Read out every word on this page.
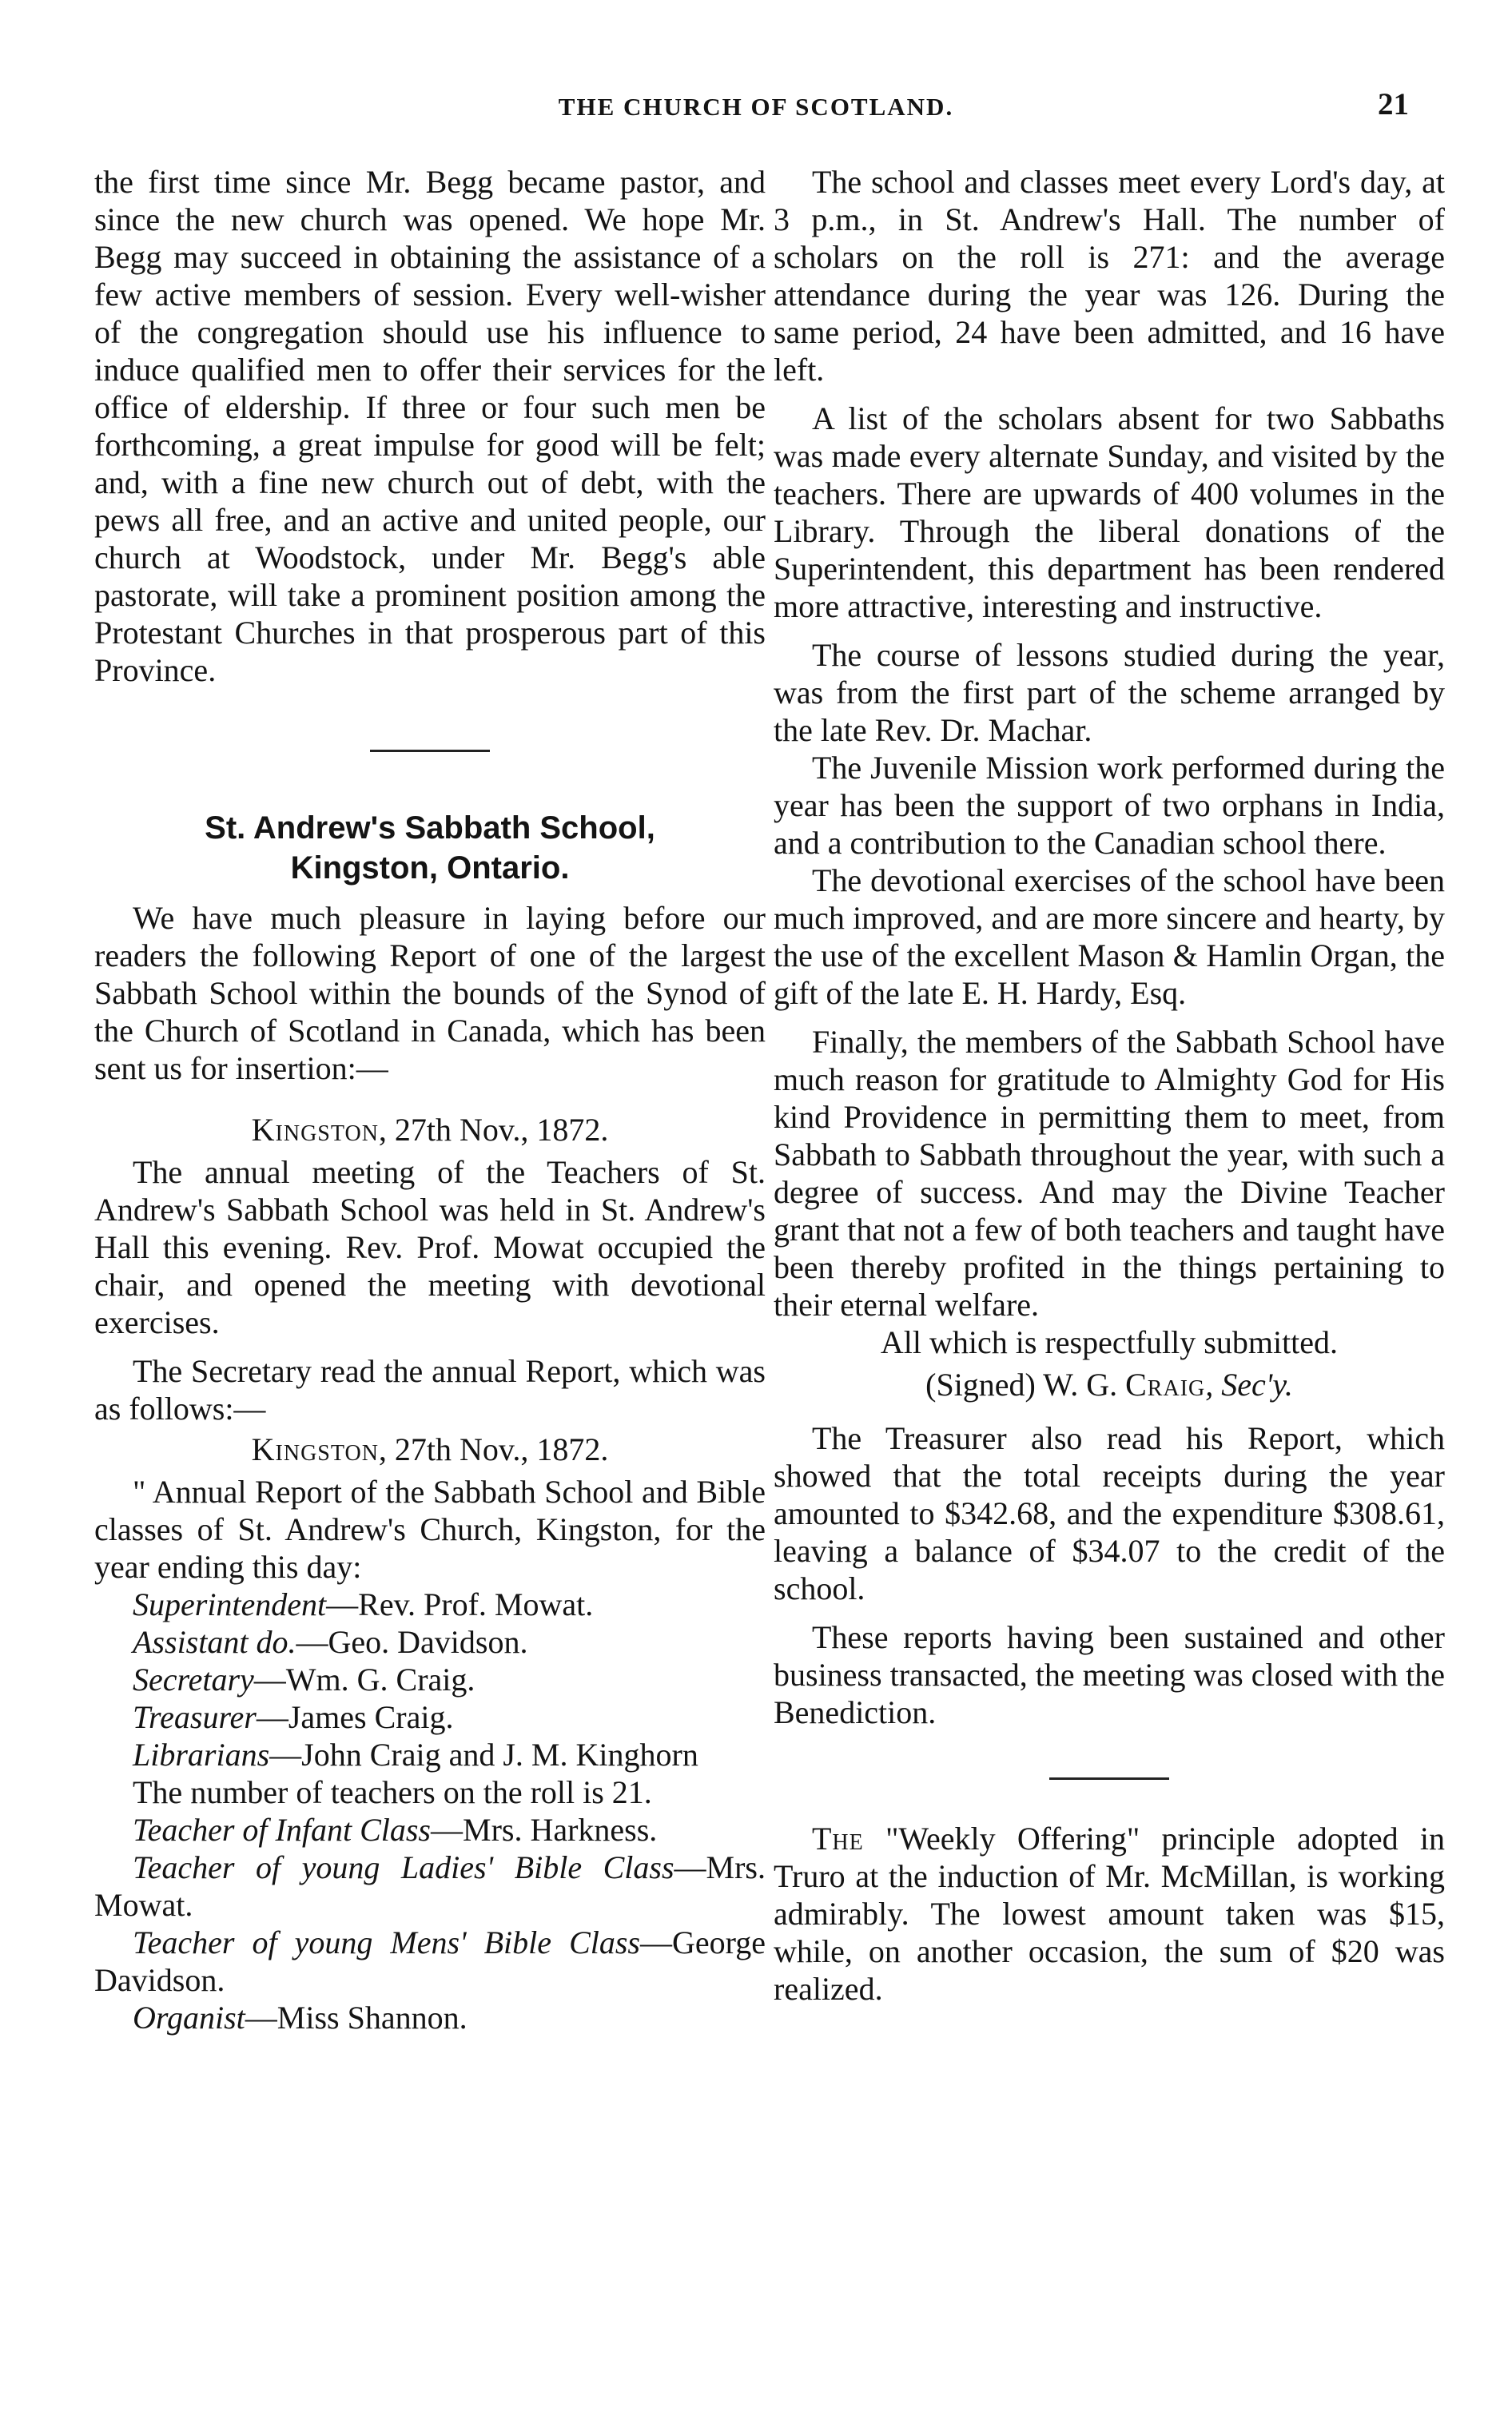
THE CHURCH OF SCOTLAND.	21

the first time since Mr. Begg became pastor, and since the new church was opened. We hope Mr. Begg may succeed in obtaining the assistance of a few active members of session. Every well-wisher of the congregation should use his influence to induce qualified men to offer their services for the office of eldership. If three or four such men be forthcoming, a great impulse for good will be felt; and, with a fine new church out of debt, with the pews all free, and an active and united people, our church at Woodstock, under Mr. Begg's able pastorate, will take a prominent position among the Protestant Churches in that prosperous part of this Province.

St. Andrew's Sabbath School,
Kingston, Ontario.

We have much pleasure in laying before our readers the following Report of one of the largest Sabbath School within the bounds of the Synod of the Church of Scotland in Canada, which has been sent us for insertion:—

Kingston, 27th Nov., 1872.

The annual meeting of the Teachers of St. Andrew's Sabbath School was held in St. Andrew's Hall this evening. Rev. Prof. Mowat occupied the chair, and opened the meeting with devotional exercises.

The Secretary read the annual Report, which was as follows:—

Kingston, 27th Nov., 1872.

" Annual Report of the Sabbath School and Bible classes of St. Andrew's Church, Kingston, for the year ending this day:

Superintendent—Rev. Prof. Mowat.

Assistant do.—Geo. Davidson.

Secretary—Wm. G. Craig.

Treasurer—James Craig.

Librarians—John Craig and J. M. Kinghorn

The number of teachers on the roll is 21.

Teacher of Infant Class—Mrs. Harkness.

Teacher of young Ladies' Bible Class—Mrs. Mowat.

Teacher of young Mens' Bible Class—George Davidson.

Organist—Miss Shannon.

The school and classes meet every Lord's day, at 3 p.m., in St. Andrew's Hall. The number of scholars on the roll is 271: and the average attendance during the year was 126. During the same period, 24 have been admitted, and 16 have left.

A list of the scholars absent for two Sabbaths was made every alternate Sunday, and visited by the teachers. There are upwards of 400 volumes in the Library. Through the liberal donations of the Superintendent, this department has been rendered more attractive, interesting and instructive.

The course of lessons studied during the year, was from the first part of the scheme arranged by the late Rev. Dr. Machar.

The Juvenile Mission work performed during the year has been the support of two orphans in India, and a contribution to the Canadian school there.

The devotional exercises of the school have been much improved, and are more sincere and hearty, by the use of the excellent Mason & Hamlin Organ, the gift of the late E. H. Hardy, Esq.

Finally, the members of the Sabbath School have much reason for gratitude to Almighty God for His kind Providence in permitting them to meet, from Sabbath to Sabbath throughout the year, with such a degree of success. And may the Divine Teacher grant that not a few of both teachers and taught have been thereby profited in the things pertaining to their eternal welfare.

All which is respectfully submitted.

(Signed) W. G. Craig, Sec'y.

The Treasurer also read his Report, which showed that the total receipts during the year amounted to $342.68, and the expenditure $308.61, leaving a balance of $34.07 to the credit of the school.

These reports having been sustained and other business transacted, the meeting was closed with the Benediction.

The "Weekly Offering" principle adopted in Truro at the induction of Mr. McMillan, is working admirably. The lowest amount taken was $15, while, on another occasion, the sum of $20 was realized.
